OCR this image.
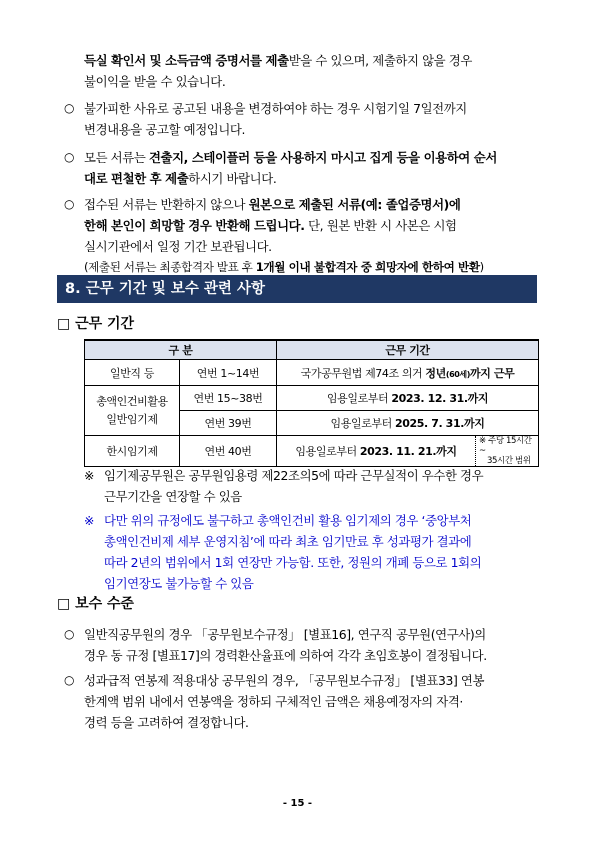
득실 확인서 및 소득금액 증명서를 제출받을 수 있으며, 제출하지 않을 경우
불이익을 받을 수 있습니다.
○ 불가피한 사유로 공고된 내용을 변경하여야 하는 경우 시험기일 7일전까지
변경내용을 공고할 예정입니다.
○ 모든 서류는 견출지, 스테이플러 등을 사용하지 마시고 집게 등을 이용하여 순서
대로 편철한 후 제출하시기 바랍니다.
○ 접수된 서류는 반환하지 않으나 원본으로 제출된 서류(예: 졸업증명서)에
한해 본인이 희망할 경우 반환해 드립니다. 단, 원본 반환 시 사본은 시험
실시기관에서 일정 기간 보관됩니다.
(제출된 서류는 최종합격자 발표 후 1개월 이내 불합격자 중 희망자에 한하여 반환)
8. 근무 기간 및 보수 관련 사항
□ 근무 기간
구 분		근무 기간	
일반직 등	연번 1~14번	국가공무원법 제74조 의거 정년(60세)까지 근무	

총액인건비활용
일반임기제	연번 15~38번	임용일로부터 2023. 12. 31.까지	
	연번 39번	임용일로부터 2025. 7. 31.까지	
한시임기제	연번 40번	임용일로부터 2023. 11. 21.까지	※ 주당 15시간~
35시간 범위
※ 임기제공무원은 공무원임용령 제22조의5에 따라 근무실적이 우수한 경우
근무기간을 연장할 수 있음
※ 다만 위의 규정에도 불구하고 총액인건비 활용 임기제의 경우 ‘중앙부처
총액인건비제 세부 운영지침’에 따라 최초 임기만료 후 성과평가 결과에
따라 2년의 범위에서 1회 연장만 가능함. 또한, 정원의 개폐 등으로 1회의
임기연장도 불가능할 수 있음
□ 보수 수준
○ 일반직공무원의 경우 「공무원보수규정」 [별표16], 연구직 공무원(연구사)의
경우 동 규정 [별표17]의 경력환산율표에 의하여 각각 초임호봉이 결정됩니다.
○ 성과급적 연봉제 적용대상 공무원의 경우, 「공무원보수규정」 [별표33] 연봉
한계액 범위 내에서 연봉액을 정하되 구체적인 금액은 채용예정자의 자격·
경력 등을 고려하여 결정합니다.
- 15 -
